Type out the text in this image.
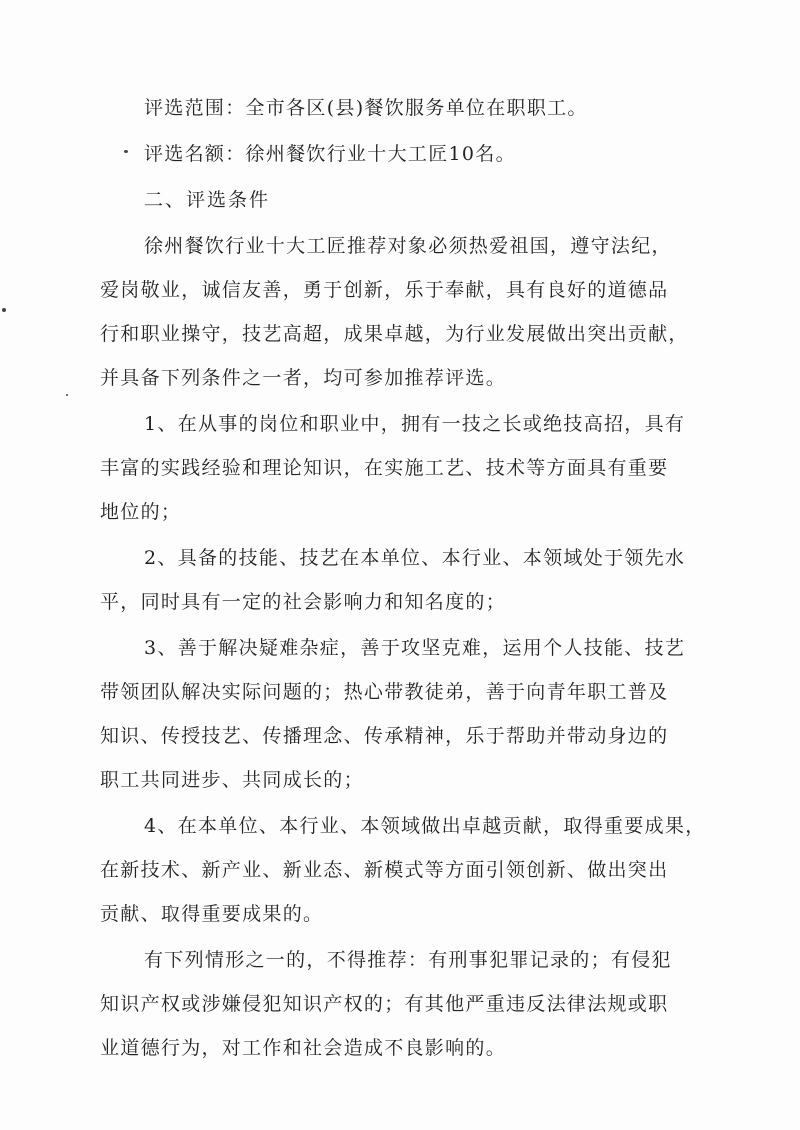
评选范围：全市各区(县)餐饮服务单位在职职工。
评选名额：徐州餐饮行业十大工匠10名。
二、评选条件
徐州餐饮行业十大工匠推荐对象必须热爱祖国，遵守法纪，
爱岗敬业，诚信友善，勇于创新，乐于奉献，具有良好的道德品
行和职业操守，技艺高超，成果卓越，为行业发展做出突出贡献，
并具备下列条件之一者，均可参加推荐评选。
1、在从事的岗位和职业中，拥有一技之长或绝技高招，具有
丰富的实践经验和理论知识，在实施工艺、技术等方面具有重要
地位的；
2、具备的技能、技艺在本单位、本行业、本领域处于领先水
平，同时具有一定的社会影响力和知名度的；
3、善于解决疑难杂症，善于攻坚克难，运用个人技能、技艺
带领团队解决实际问题的；热心带教徒弟，善于向青年职工普及
知识、传授技艺、传播理念、传承精神，乐于帮助并带动身边的
职工共同进步、共同成长的；
4、在本单位、本行业、本领域做出卓越贡献，取得重要成果，
在新技术、新产业、新业态、新模式等方面引领创新、做出突出
贡献、取得重要成果的。
有下列情形之一的，不得推荐：有刑事犯罪记录的；有侵犯
知识产权或涉嫌侵犯知识产权的；有其他严重违反法律法规或职
业道德行为，对工作和社会造成不良影响的。
